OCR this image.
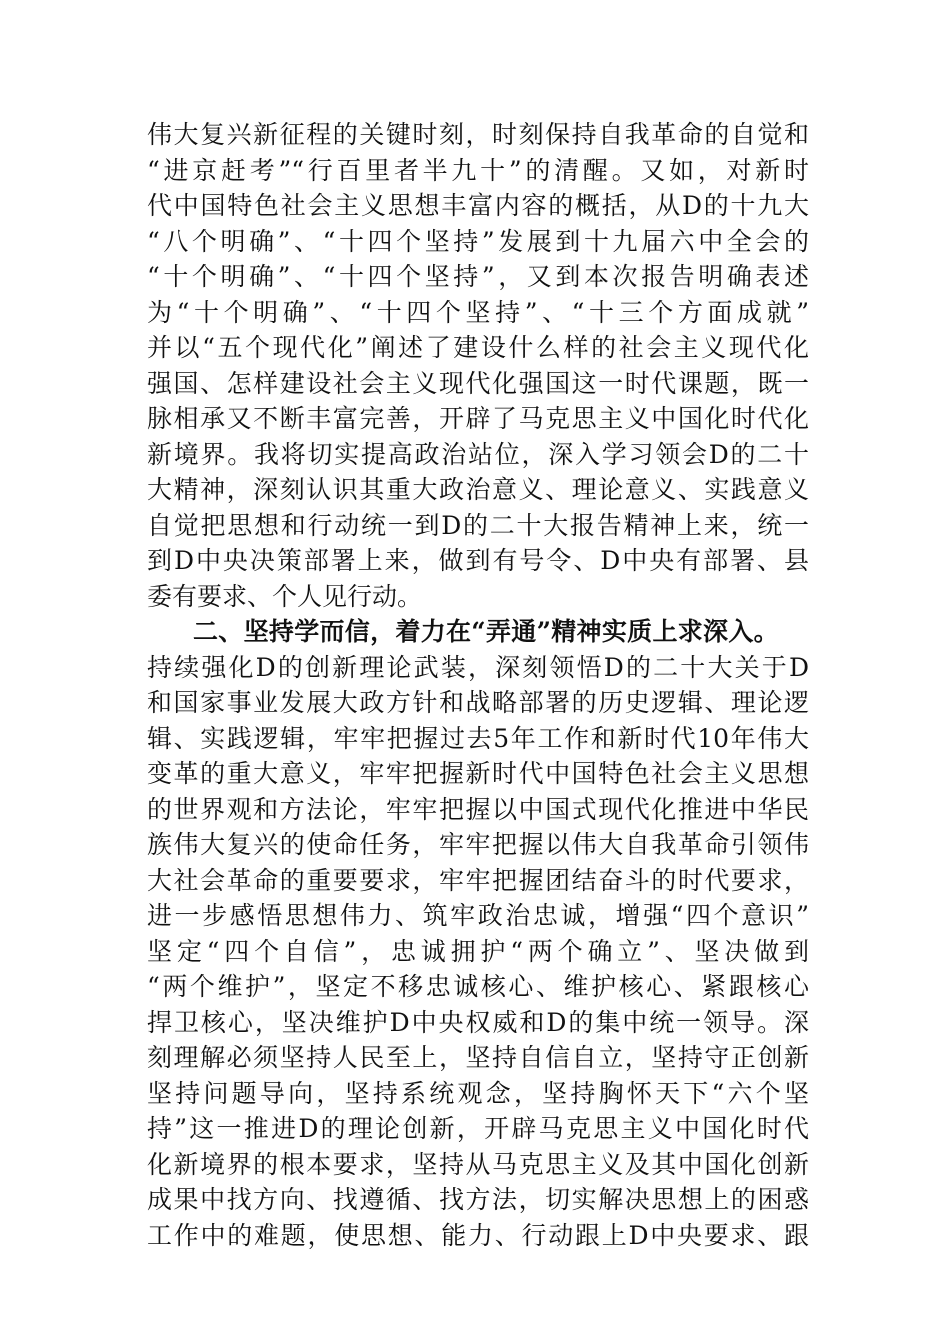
伟大复兴新征程的关键时刻，时刻保持自我革命的自觉和
“进京赶考”“行百里者半九十”的清醒。又如，对新时
代中国特色社会主义思想丰富内容的概括，从D的十九大
“八个明确”、“十四个坚持”发展到十九届六中全会的
“十个明确”、“十四个坚持”，又到本次报告明确表述
为“十个明确”、“十四个坚持”、“十三个方面成就”
并以“五个现代化”阐述了建设什么样的社会主义现代化
强国、怎样建设社会主义现代化强国这一时代课题，既一
脉相承又不断丰富完善，开辟了马克思主义中国化时代化
新境界。我将切实提高政治站位，深入学习领会D的二十
大精神，深刻认识其重大政治意义、理论意义、实践意义
自觉把思想和行动统一到D的二十大报告精神上来，统一
到D中央决策部署上来，做到有号令、D中央有部署、县
委有要求、个人见行动。
二、坚持学而信，着力在“弄通”精神实质上求深入。
持续强化D的创新理论武装，深刻领悟D的二十大关于D
和国家事业发展大政方针和战略部署的历史逻辑、理论逻
辑、实践逻辑，牢牢把握过去5年工作和新时代10年伟大
变革的重大意义，牢牢把握新时代中国特色社会主义思想
的世界观和方法论，牢牢把握以中国式现代化推进中华民
族伟大复兴的使命任务，牢牢把握以伟大自我革命引领伟
大社会革命的重要要求，牢牢把握团结奋斗的时代要求，
进一步感悟思想伟力、筑牢政治忠诚，增强“四个意识”
坚定“四个自信”，忠诚拥护“两个确立”、坚决做到
“两个维护”，坚定不移忠诚核心、维护核心、紧跟核心
捍卫核心，坚决维护D中央权威和D的集中统一领导。深
刻理解必须坚持人民至上，坚持自信自立，坚持守正创新
坚持问题导向，坚持系统观念，坚持胸怀天下“六个坚
持”这一推进D的理论创新，开辟马克思主义中国化时代
化新境界的根本要求，坚持从马克思主义及其中国化创新
成果中找方向、找遵循、找方法，切实解决思想上的困惑
工作中的难题，使思想、能力、行动跟上D中央要求、跟
